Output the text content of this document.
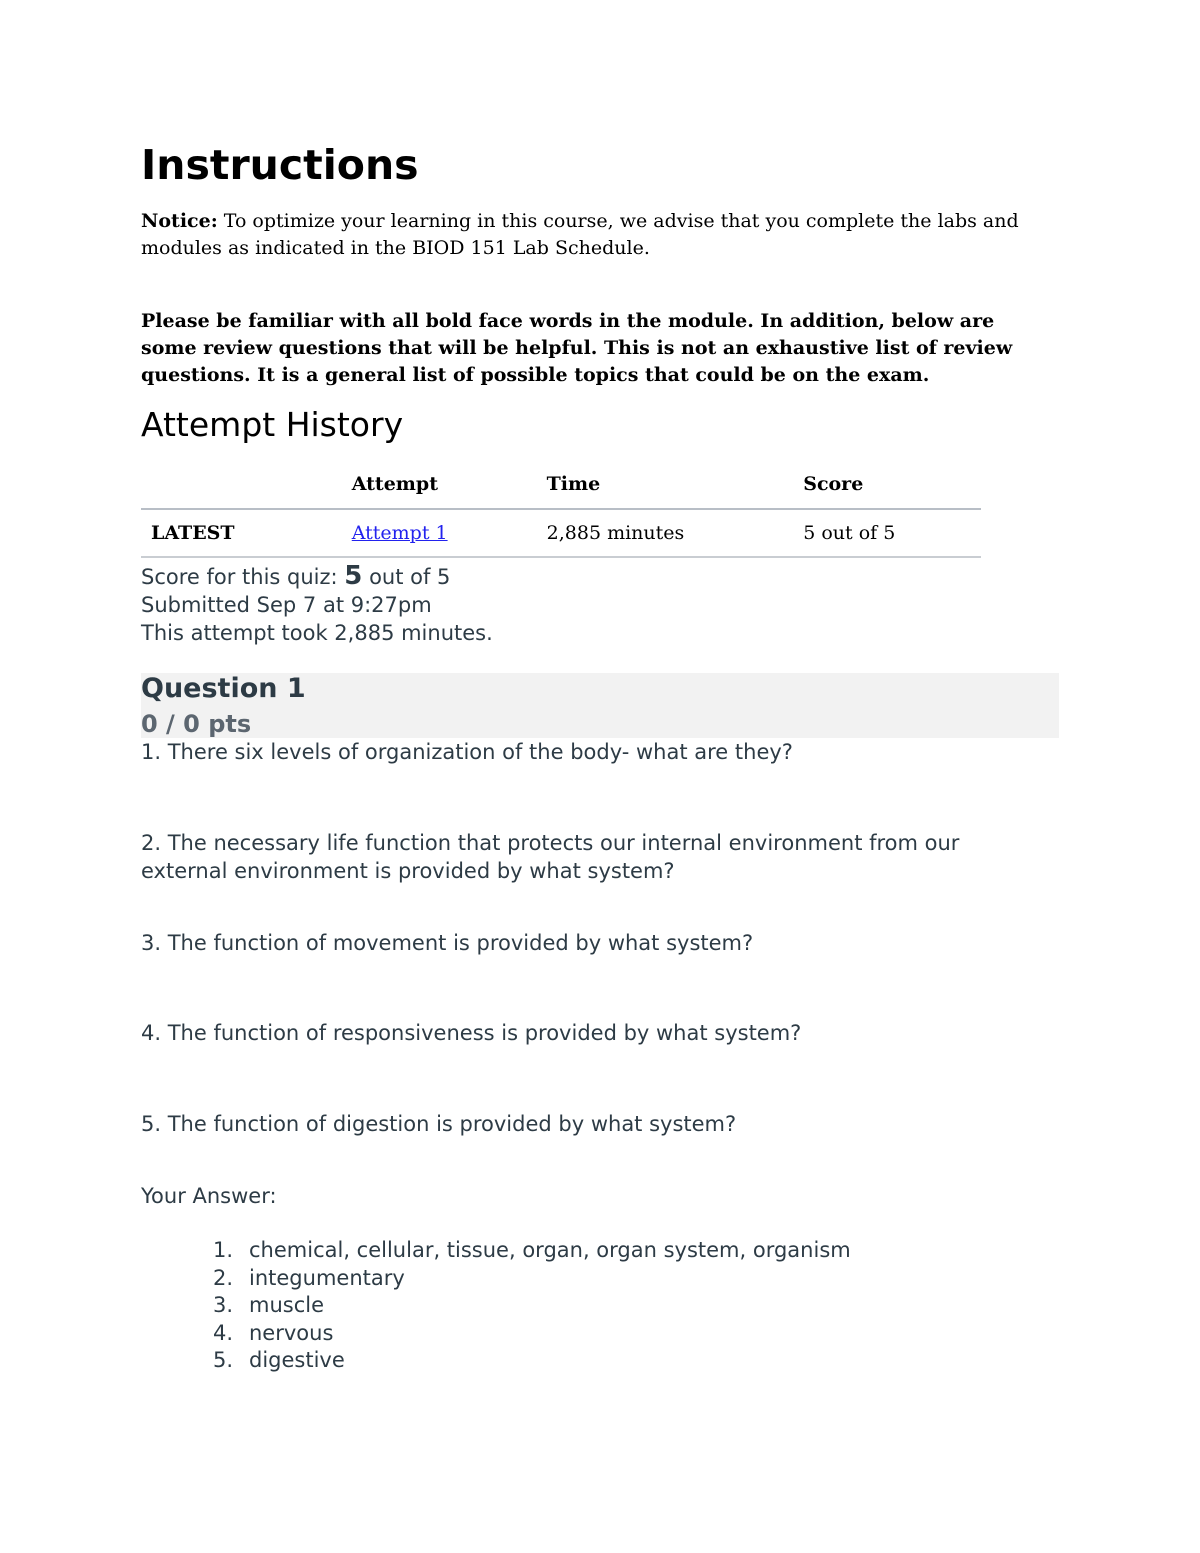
Instructions

Notice: To optimize your learning in this course, we advise that you complete the labs and modules as indicated in the BIOD 151 Lab Schedule.

Please be familiar with all bold face words in the module. In addition, below are some review questions that will be helpful. This is not an exhaustive list of review questions. It is a general list of possible topics that could be on the exam.

Attempt History
	Attempt	Time	Score
LATEST	Attempt 1	2,885 minutes	5 out of 5
Score for this quiz: 5 out of 5
Submitted Sep 7 at 9:27pm
This attempt took 2,885 minutes.
Question 1
0 / 0 pts

1. There six levels of organization of the body- what are they?

2. The necessary life function that protects our internal environment from our external environment is provided by what system?

3. The function of movement is provided by what system?

4. The function of responsiveness is provided by what system?

5. The function of digestion is provided by what system?

Your Answer:
1. chemical, cellular, tissue, organ, organ system, organism
2. integumentary
3. muscle
4. nervous
5. digestive
